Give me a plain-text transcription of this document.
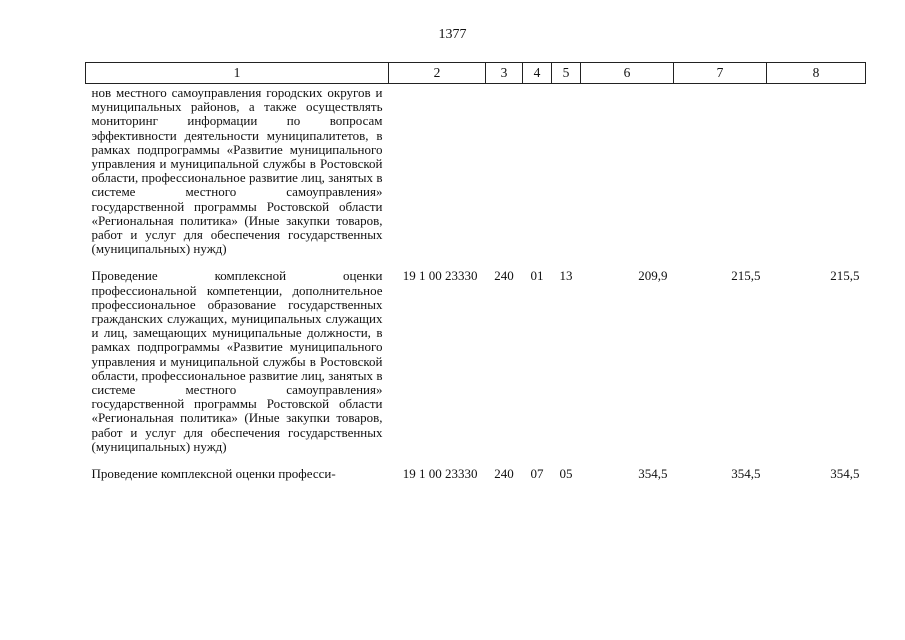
1377
1	2	3	4	5	6	7	8

нов местного самоуправления городских округов и муниципальных районов, а также осуществлять мониторинг информации по вопросам эффективности деятельности муниципалитетов, в рамках подпрограммы «Развитие муниципального управления и муниципальной службы в Ростовской области, профессиональное развитие лиц, занятых в системе местного самоуправления» государственной программы Ростовской области «Региональная политика» (Иные закупки товаров, работ и услуг для обеспечения государственных (муниципальных) нужд)							

Проведение комплексной оценки профессиональной компетенции, дополнительное профессиональное образование государственных гражданских служащих, муниципальных служащих и лиц, замещающих муниципальные должности, в рамках подпрограммы «Развитие муниципального управления и муниципальной службы в Ростовской области, профессиональное развитие лиц, занятых в системе местного самоуправления» государственной программы Ростовской области «Региональная политика» (Иные закупки товаров, работ и услуг для обеспечения государственных (муниципальных) нужд)	19 1 00 23330	240	01	13	209,9	215,5	215,5

Проведение комплексной оценки професси-	19 1 00 23330	240	07	05	354,5	354,5	354,5
